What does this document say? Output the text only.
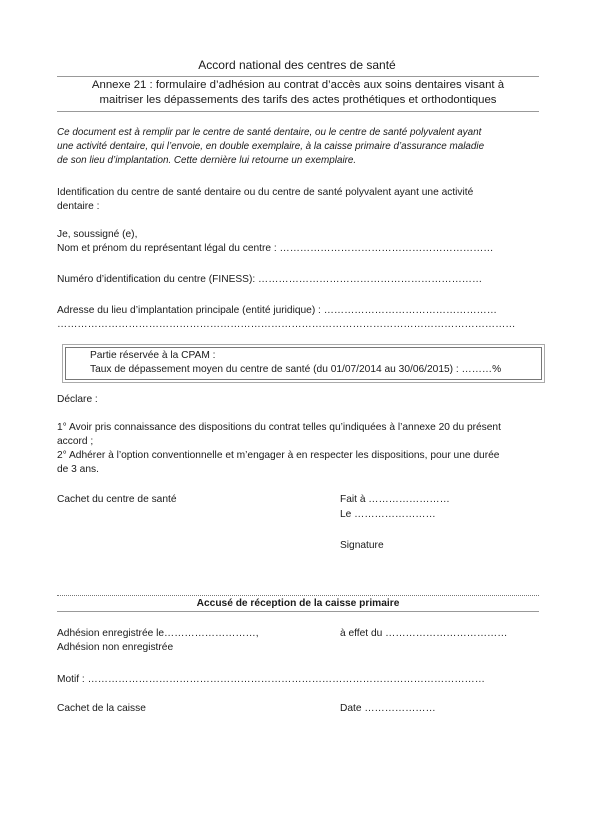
Accord national des centres de santé
Annexe 21 : formulaire d’adhésion au contrat d’accès aux soins dentaires visant à
maitriser les dépassements des tarifs des actes prothétiques et orthodontiques
Ce document est à remplir par le centre de santé dentaire, ou le centre de santé polyvalent ayant
une activité dentaire, qui l’envoie, en double exemplaire, à la caisse primaire d’assurance maladie
de son lieu d’implantation. Cette dernière lui retourne un exemplaire.
Identification du centre de santé dentaire ou du centre de santé polyvalent ayant une activité
dentaire :
Je, soussigné (e),
Nom et prénom du représentant légal du centre : ………………………………………………………
Numéro d’identification du centre (FINESS): …………………………………………………………
Adresse du lieu d’implantation principale (entité juridique) : ……………………………………………
………………………………………………………………………………………………………………………
Partie réservée à la CPAM :
Taux de dépassement moyen du centre de santé (du 01/07/2014 au 30/06/2015) : ………%
Déclare :
1° Avoir pris connaissance des dispositions du contrat telles qu’indiquées à l’annexe 20 du présent
accord ;
2° Adhérer à l’option conventionnelle et m’engager à en respecter les dispositions, pour une durée
de 3 ans.
Cachet du centre de santé	Fait à ……………………
Le ……………………
Signature
Accusé de réception de la caisse primaire
Adhésion enregistrée le………………………,	à effet du ………………………………
Adhésion non enregistrée
Motif : ………………………………………………………………………………………………………
Cachet de la caisse	Date …………………
